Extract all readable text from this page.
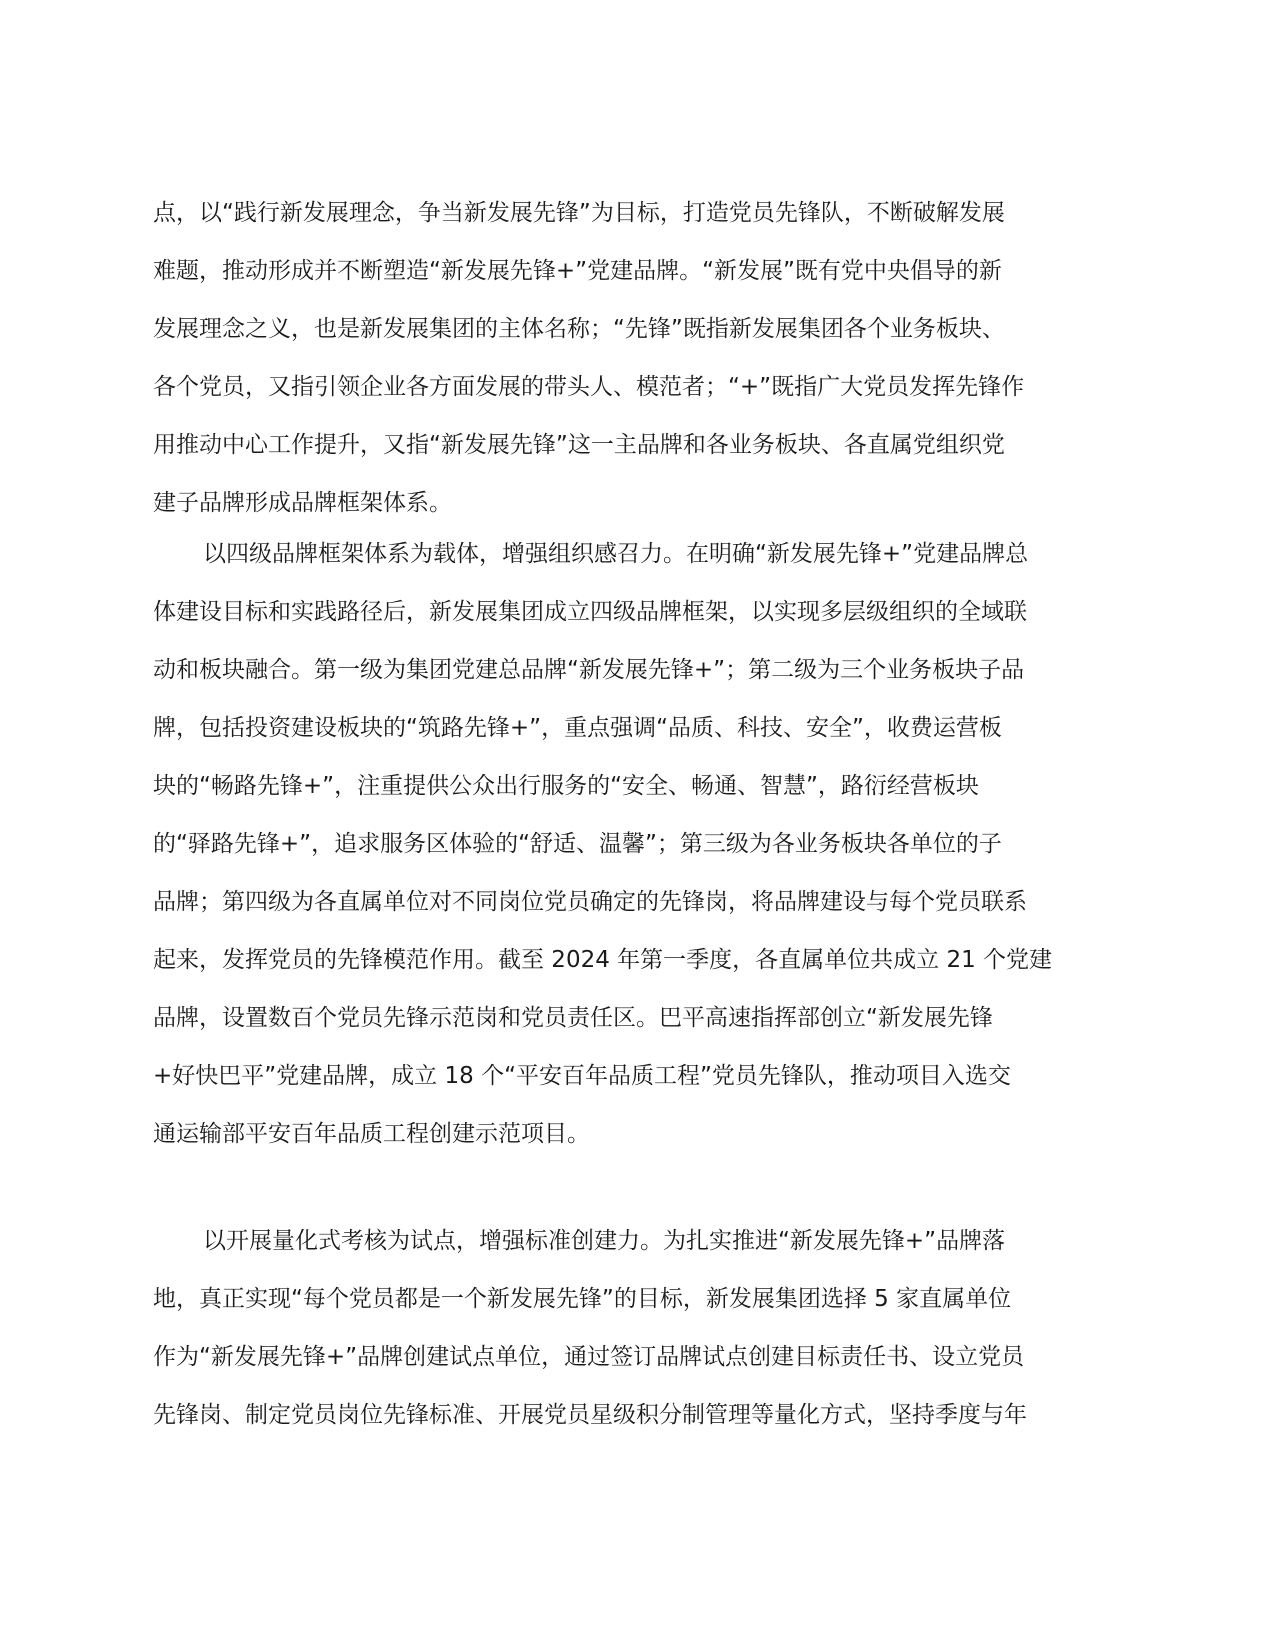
点，以“践行新发展理念，争当新发展先锋”为目标，打造党员先锋队，不断破解发展
难题，推动形成并不断塑造“新发展先锋+”党建品牌。“新发展”既有党中央倡导的新
发展理念之义，也是新发展集团的主体名称；“先锋”既指新发展集团各个业务板块、
各个党员，又指引领企业各方面发展的带头人、模范者；“+”既指广大党员发挥先锋作
用推动中心工作提升，又指“新发展先锋”这一主品牌和各业务板块、各直属党组织党
建子品牌形成品牌框架体系。
以四级品牌框架体系为载体，增强组织感召力。在明确“新发展先锋+”党建品牌总
体建设目标和实践路径后，新发展集团成立四级品牌框架，以实现多层级组织的全域联
动和板块融合。第一级为集团党建总品牌“新发展先锋+”；第二级为三个业务板块子品
牌，包括投资建设板块的“筑路先锋+”，重点强调“品质、科技、安全”，收费运营板
块的“畅路先锋+”，注重提供公众出行服务的“安全、畅通、智慧”，路衍经营板块
的“驿路先锋+”，追求服务区体验的“舒适、温馨”；第三级为各业务板块各单位的子
品牌；第四级为各直属单位对不同岗位党员确定的先锋岗，将品牌建设与每个党员联系
起来，发挥党员的先锋模范作用。截至 2024 年第一季度，各直属单位共成立 21 个党建
品牌，设置数百个党员先锋示范岗和党员责任区。巴平高速指挥部创立“新发展先锋
+好快巴平”党建品牌，成立 18 个“平安百年品质工程”党员先锋队，推动项目入选交
通运输部平安百年品质工程创建示范项目。
以开展量化式考核为试点，增强标准创建力。为扎实推进“新发展先锋+”品牌落
地，真正实现“每个党员都是一个新发展先锋”的目标，新发展集团选择 5 家直属单位
作为“新发展先锋+”品牌创建试点单位，通过签订品牌试点创建目标责任书、设立党员
先锋岗、制定党员岗位先锋标准、开展党员星级积分制管理等量化方式，坚持季度与年
